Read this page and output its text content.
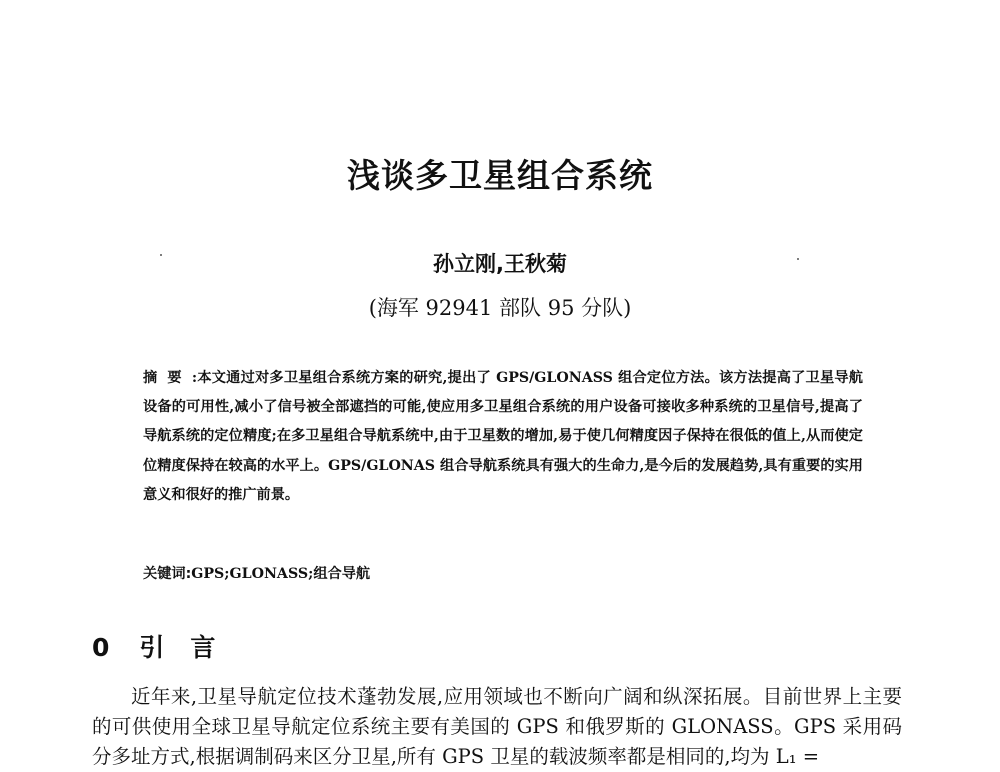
浅谈多卫星组合系统
孙立刚,王秋菊
(海军 92941 部队 95 分队)

摘要:本文通过对多卫星组合系统方案的研究,提出了 GPS/GLONASS 组合定位方法。该方法提高了卫星导航设备的可用性,减小了信号被全部遮挡的可能,使应用多卫星组合系统的用户设备可接收多种系统的卫星信号,提高了导航系统的定位精度;在多卫星组合导航系统中,由于卫星数的增加,易于使几何精度因子保持在很低的值上,从而使定位精度保持在较高的水平上。GPS/GLONAS 组合导航系统具有强大的生命力,是今后的发展趋势,具有重要的实用意义和很好的推广前景。

关键词:GPS;GLONASS;组合导航

0 引言

近年来,卫星导航定位技术蓬勃发展,应用领域也不断向广阔和纵深拓展。目前世界上主要的可供使用全球卫星导航定位系统主要有美国的 GPS 和俄罗斯的 GLONASS。GPS 采用码分多址方式,根据调制码来区分卫星,所有 GPS 卫星的载波频率都是相同的,均为 L₁ =
